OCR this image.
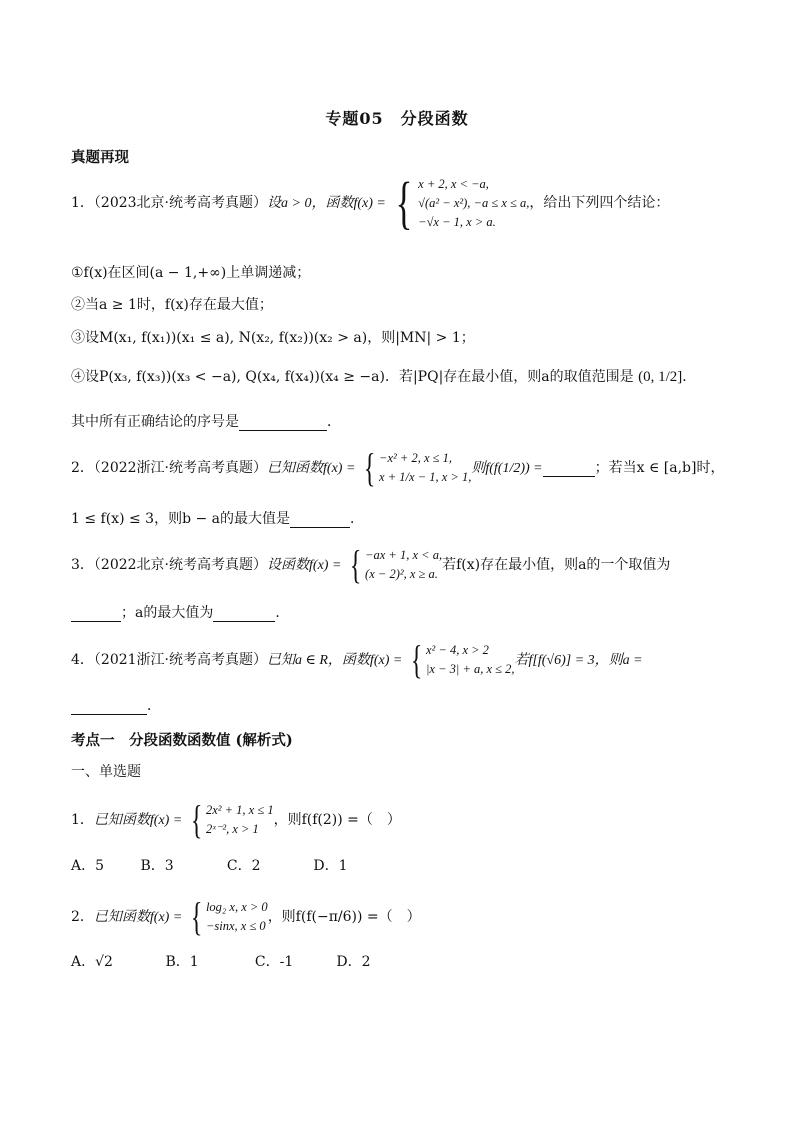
专题05　分段函数
真题再现
1．（2023北京·统考高考真题）设a > 0，函数f(x) = { x + 2, x < −a,
√(a² − x²), −a ≤ x ≤ a,
−√x − 1, x > a.
，给出下列四个结论：
①f(x)在区间(a − 1,+∞)上单调递减；
②当a ≥ 1时，f(x)存在最大值；
③设M(x₁, f(x₁))(x₁ ≤ a), N(x₂, f(x₂))(x₂ > a)，则|MN| > 1；
④设P(x₃, f(x₃))(x₃ < −a), Q(x₄, f(x₄))(x₄ ≥ −a)．若|PQ|存在最小值，则a的取值范围是 (0, 1/2]．
其中所有正确结论的序号是	．
2．（2022浙江·统考高考真题）已知函数f(x) = { −x² + 2, x ≤ 1,
x + 1/x − 1, x > 1,
则f(f(1/2)) =	；若当x ∈ [a,b]时，
1 ≤ f(x) ≤ 3，则b − a的最大值是	．
3．（2022北京·统考高考真题）设函数f(x) = { −ax + 1, x < a,
(x − 2)², x ≥ a.
若f(x)存在最小值，则a的一个取值为
；a的最大值为	．
4．（2021浙江·统考高考真题）已知a ∈ R，函数f(x) = { x² − 4, x > 2
|x − 3| + a, x ≤ 2,
若f[f(√6)] = 3，则a =
．
考点一　分段函数函数值 (解析式)
一、单选题
1．已知函数f(x) = { 2x² + 1, x ≤ 1
2ˣ⁻², x > 1
，则f(f(2)) =（　）
A．5	B．3	C．2	D．1
2．已知函数f(x) = { log₂ x, x > 0
−sinx, x ≤ 0
，则f(f(−π/6)) =（　）
A．√2	B．1	C．-1	D．2
